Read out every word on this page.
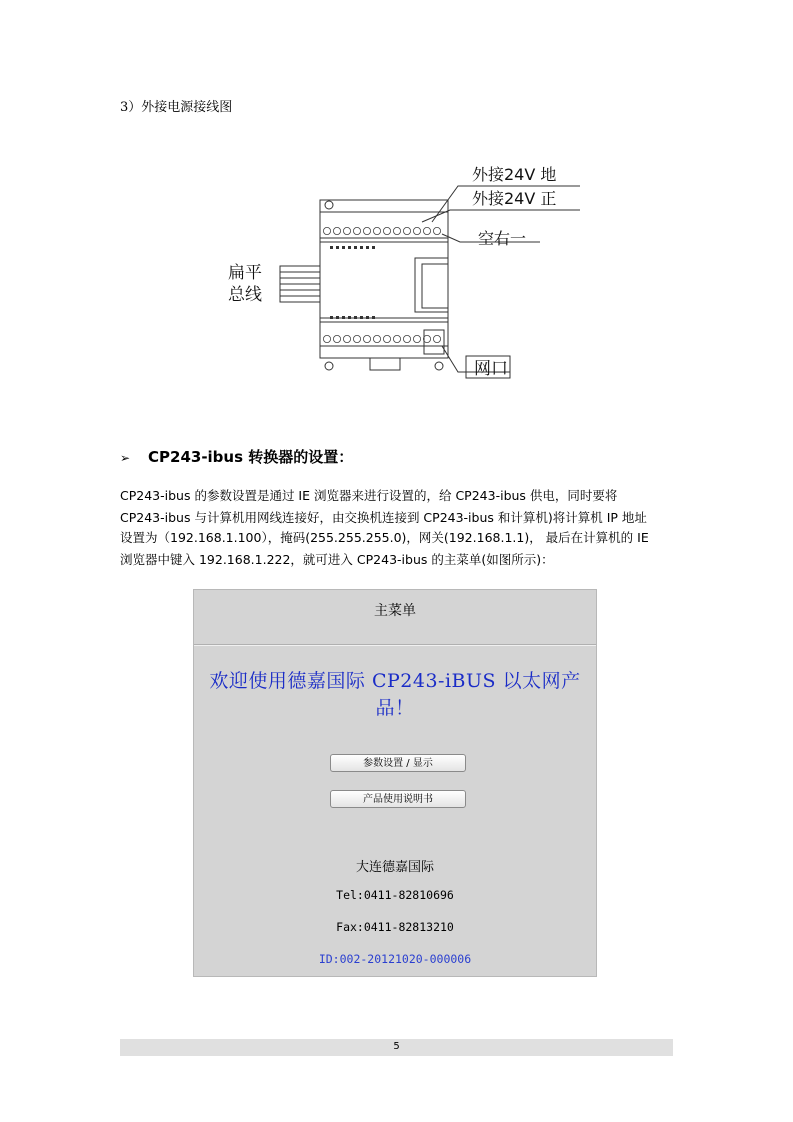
3）外接电源接线图
外接24V 地
外接24V 正
空右一
扁平
总线
网口
➢ CP243-ibus 转换器的设置：
CP243-ibus 的参数设置是通过 IE 浏览器来进行设置的，给 CP243-ibus 供电，同时要将
CP243-ibus 与计算机用网线连接好，由交换机连接到 CP243-ibus 和计算机)将计算机 IP 地址
设置为（192.168.1.100），掩码(255.255.255.0)，网关(192.168.1.1)， 最后在计算机的 IE
浏览器中键入 192.168.1.222，就可进入 CP243-ibus 的主菜单(如图所示)：
主菜单
欢迎使用德嘉国际 CP243-iBUS 以太网产品！
参数设置 / 显示
产品使用说明书
大连德嘉国际
Tel:0411-82810696
Fax:0411-82813210
ID:002-20121020-000006
5
